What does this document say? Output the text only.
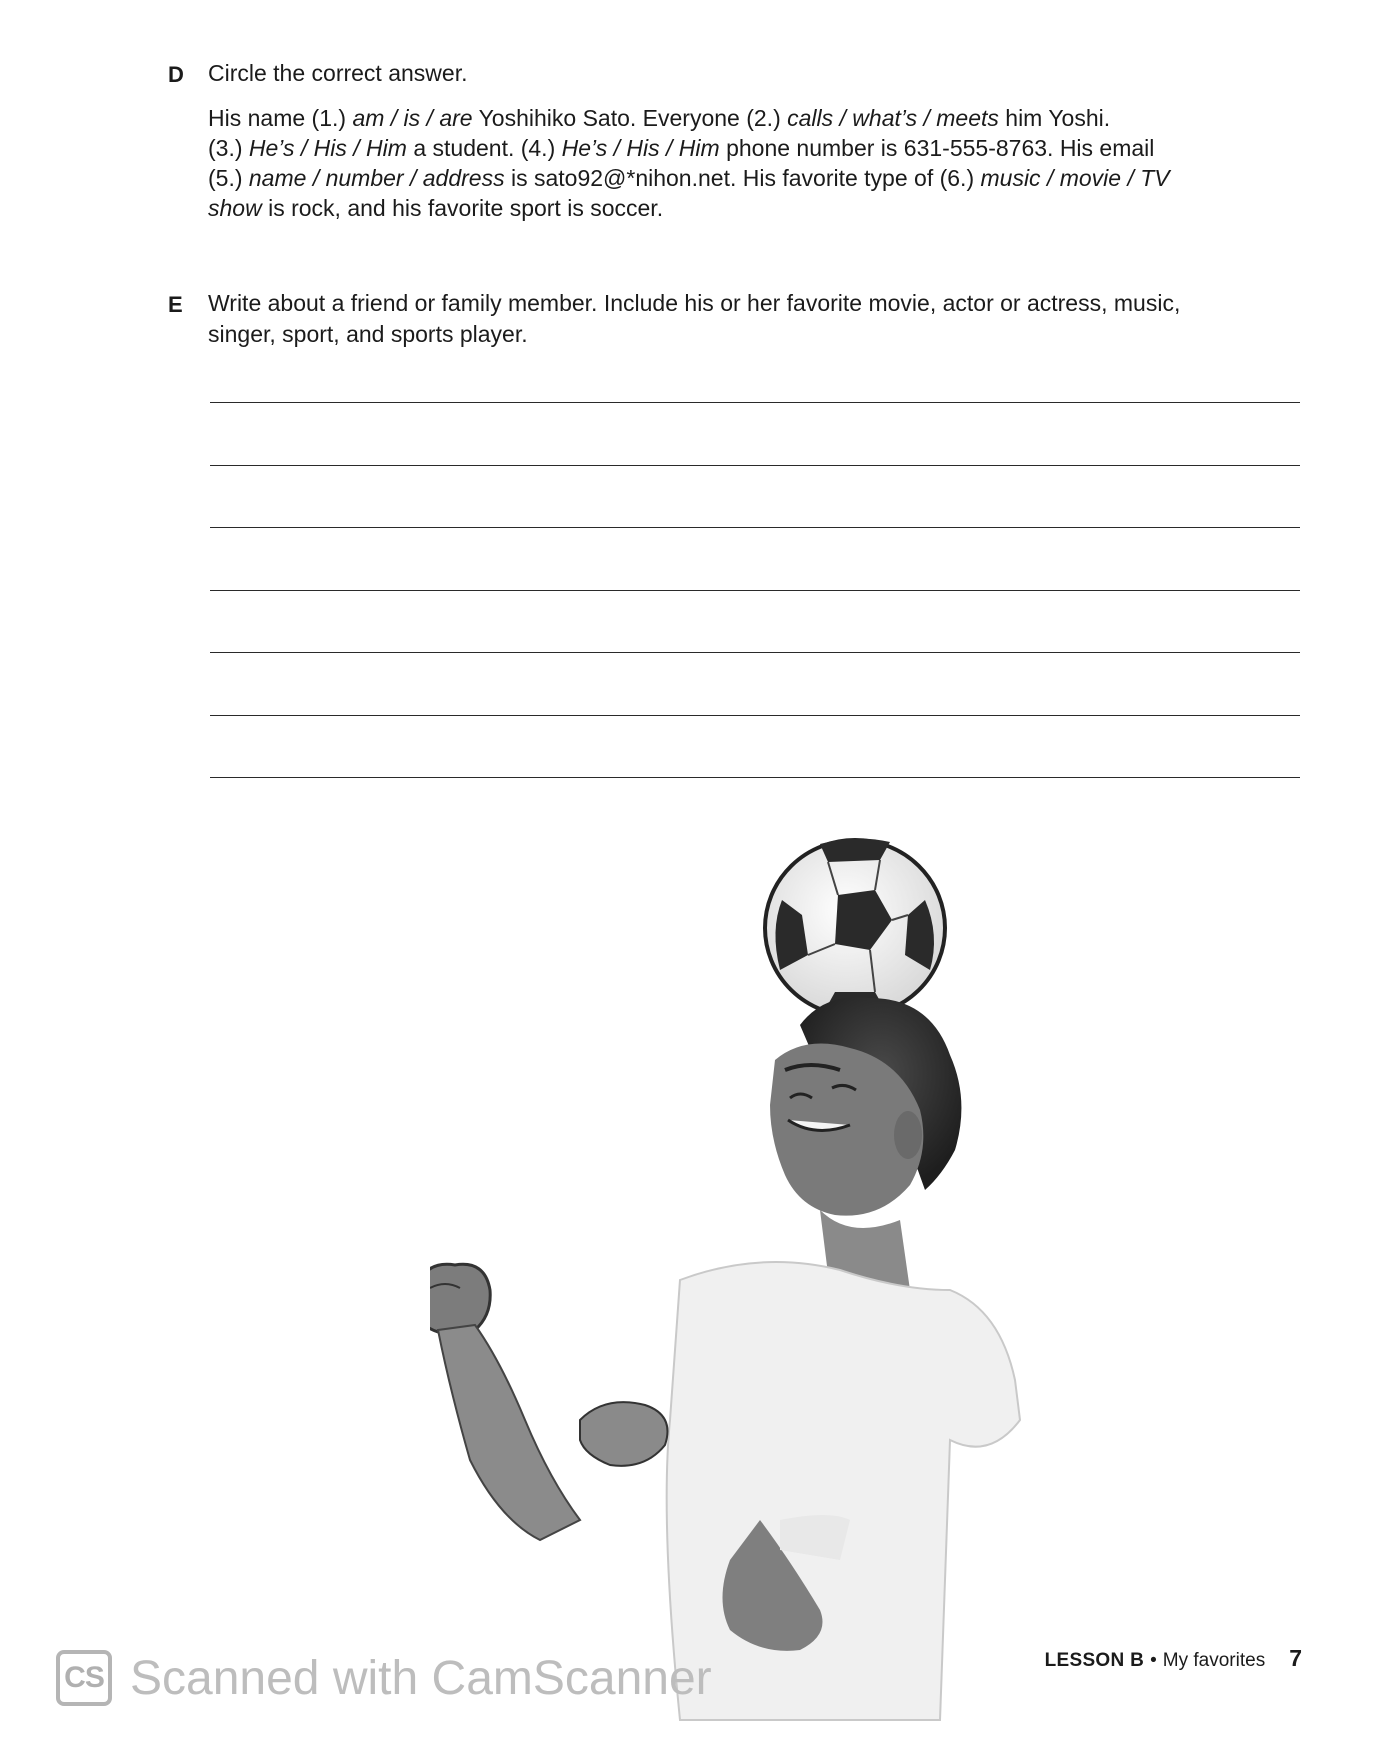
D Circle the correct answer.
His name (1.) am / is / are Yoshihiko Sato. Everyone (2.) calls / what’s / meets him Yoshi.
(3.) He’s / His / Him a student. (4.) He’s / His / Him phone number is 631-555-8763. His email
(5.) name / number / address is sato92@*nihon.net. His favorite type of (6.) music / movie / TV
show is rock, and his favorite sport is soccer.
E Write about a friend or family member. Include his or her favorite movie, actor or actress, music,
singer, sport, and sports player.
LESSON B • My favorites 7
CS Scanned with CamScanner
